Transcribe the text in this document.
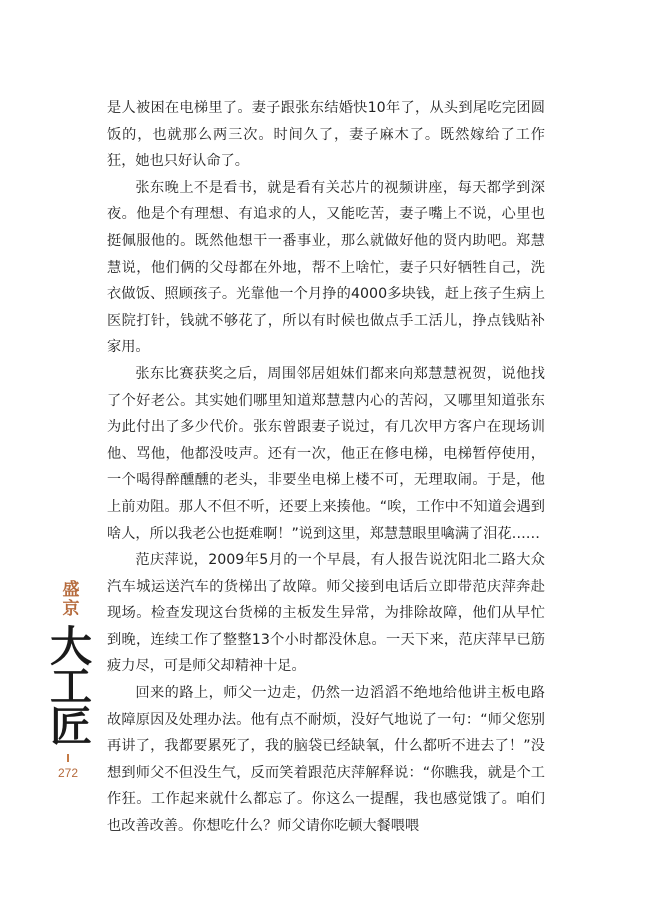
是人被困在电梯里了。妻子跟张东结婚快10年了，从头到尾吃完团圆饭的，也就那么两三次。时间久了，妻子麻木了。既然嫁给了工作狂，她也只好认命了。

张东晚上不是看书，就是看有关芯片的视频讲座，每天都学到深夜。他是个有理想、有追求的人，又能吃苦，妻子嘴上不说，心里也挺佩服他的。既然他想干一番事业，那么就做好他的贤内助吧。郑慧慧说，他们俩的父母都在外地，帮不上啥忙，妻子只好牺牲自己，洗衣做饭、照顾孩子。光靠他一个月挣的4000多块钱，赶上孩子生病上医院打针，钱就不够花了，所以有时候也做点手工活儿，挣点钱贴补家用。

张东比赛获奖之后，周围邻居姐妹们都来向郑慧慧祝贺，说他找了个好老公。其实她们哪里知道郑慧慧内心的苦闷，又哪里知道张东为此付出了多少代价。张东曾跟妻子说过，有几次甲方客户在现场训他、骂他，他都没吱声。还有一次，他正在修电梯，电梯暂停使用，一个喝得醉醺醺的老头，非要坐电梯上楼不可，无理取闹。于是，他上前劝阻。那人不但不听，还要上来揍他。“唉，工作中不知道会遇到啥人，所以我老公也挺难啊！”说到这里，郑慧慧眼里噙满了泪花……

范庆萍说，2009年5月的一个早晨，有人报告说沈阳北二路大众汽车城运送汽车的货梯出了故障。师父接到电话后立即带范庆萍奔赴现场。检查发现这台货梯的主板发生异常，为排除故障，他们从早忙到晚，连续工作了整整13个小时都没休息。一天下来，范庆萍早已筋疲力尽，可是师父却精神十足。

回来的路上，师父一边走，仍然一边滔滔不绝地给他讲主板电路故障原因及处理办法。他有点不耐烦，没好气地说了一句：“师父您别再讲了，我都要累死了，我的脑袋已经缺氧，什么都听不进去了！”没想到师父不但没生气，反而笑着跟范庆萍解释说：“你瞧我，就是个工作狂。工作起来就什么都忘了。你这么一提醒，我也感觉饿了。咱们也改善改善。你想吃什么？师父请你吃顿大餐喂喂

盛京
大工匠
272
